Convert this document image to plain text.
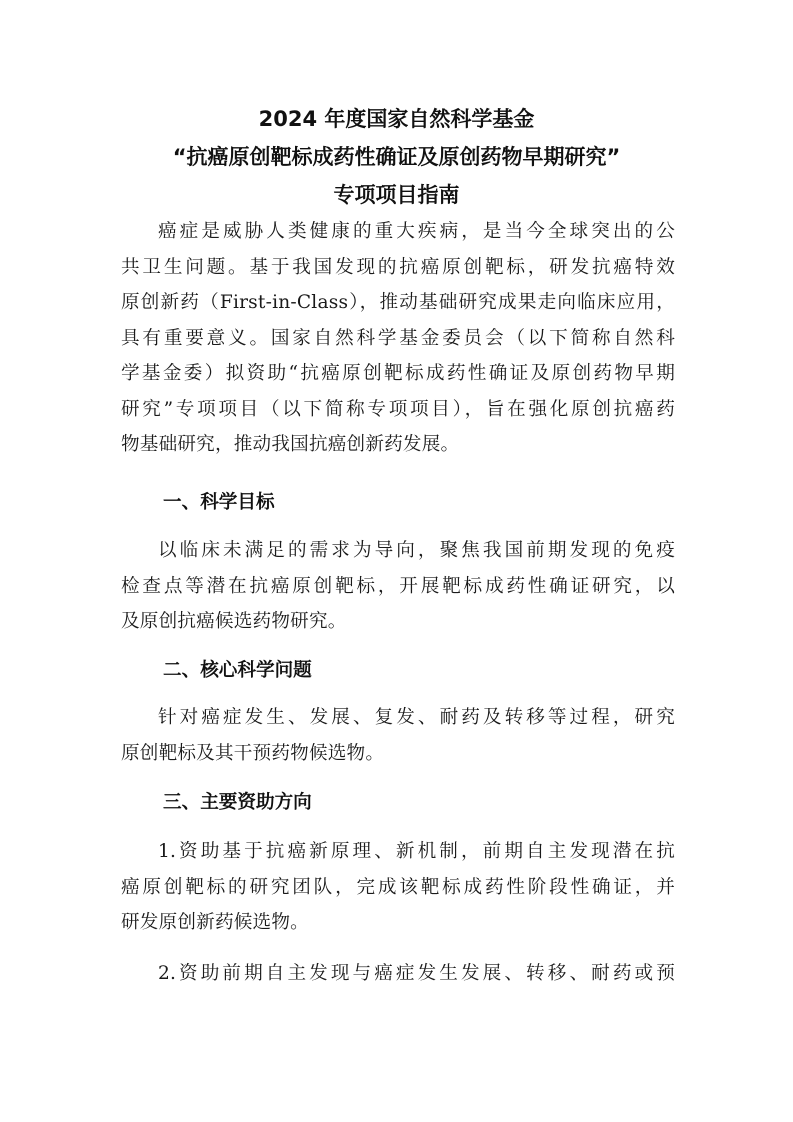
2024 年度国家自然科学基金
“抗癌原创靶标成药性确证及原创药物早期研究”
专项项目指南
癌症是威胁人类健康的重大疾病，是当今全球突出的公
共卫生问题。基于我国发现的抗癌原创靶标，研发抗癌特效
原创新药（First-in-Class），推动基础研究成果走向临床应用，
具有重要意义。国家自然科学基金委员会（以下简称自然科
学基金委）拟资助“抗癌原创靶标成药性确证及原创药物早期
研究”专项项目（以下简称专项项目），旨在强化原创抗癌药
物基础研究，推动我国抗癌创新药发展。
一、科学目标
以临床未满足的需求为导向，聚焦我国前期发现的免疫
检查点等潜在抗癌原创靶标，开展靶标成药性确证研究，以
及原创抗癌候选药物研究。
二、核心科学问题
针对癌症发生、发展、复发、耐药及转移等过程，研究
原创靶标及其干预药物候选物。
三、主要资助方向
1.资助基于抗癌新原理、新机制，前期自主发现潜在抗
癌原创靶标的研究团队，完成该靶标成药性阶段性确证，并
研发原创新药候选物。
2.资助前期自主发现与癌症发生发展、转移、耐药或预
